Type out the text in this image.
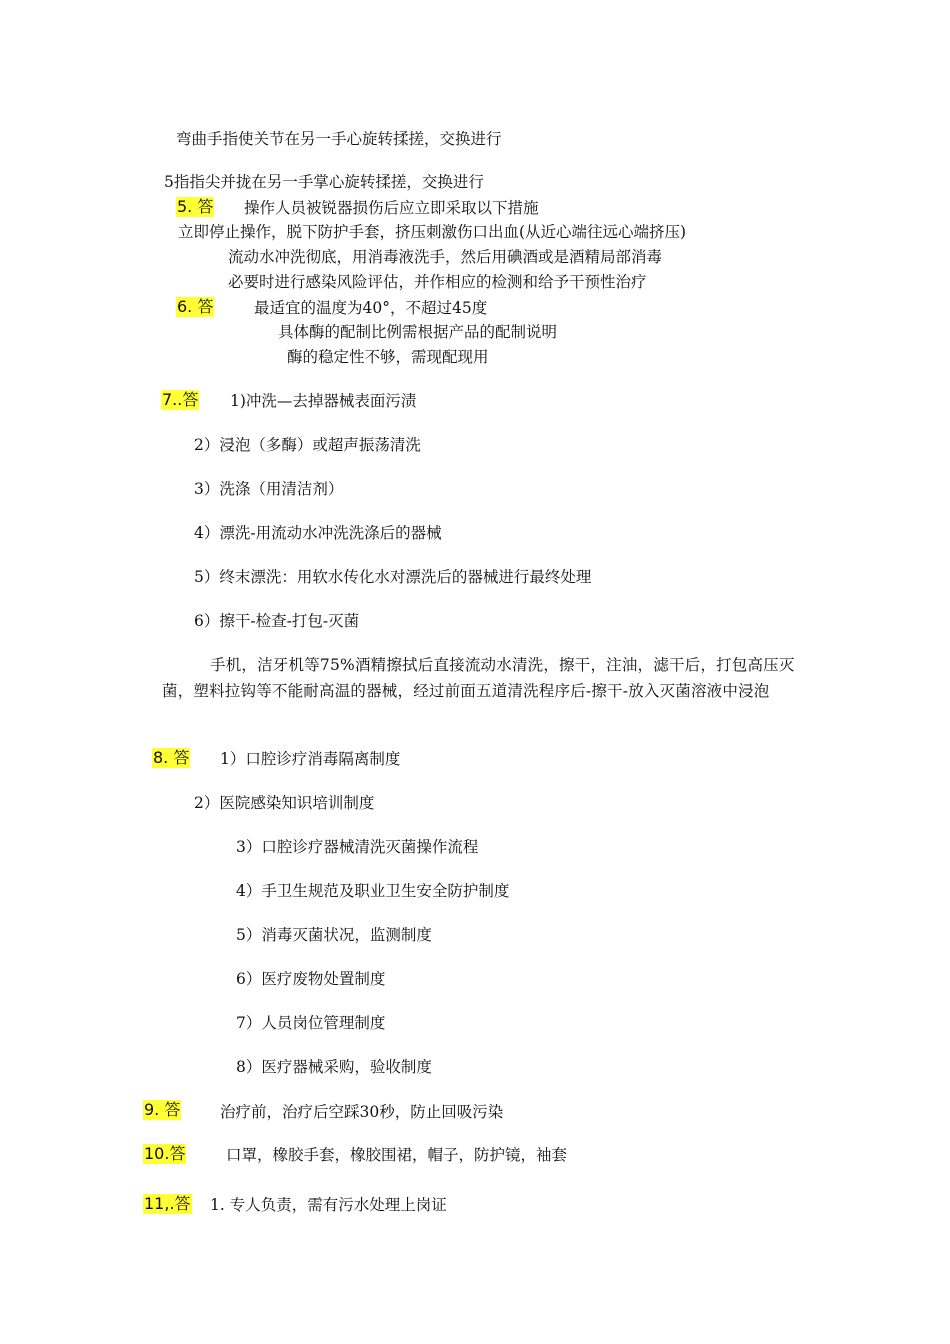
弯曲手指使关节在另一手心旋转揉搓，交换进行
5指指尖并拢在另一手掌心旋转揉搓，交换进行
5. 答 操作人员被锐器损伤后应立即采取以下措施
立即停止操作，脱下防护手套，挤压刺激伤口出血(从近心端往远心端挤压)
流动水冲洗彻底，用消毒液洗手，然后用碘酒或是酒精局部消毒
必要时进行感染风险评估，并作相应的检测和给予干预性治疗
6. 答	最适宜的温度为40°，不超过45度
具体酶的配制比例需根据产品的配制说明
酶的稳定性不够，需现配现用
7..答 1)冲洗—去掉器械表面污渍
2）浸泡（多酶）或超声振荡清洗
3）洗涤（用清洁剂）
4）漂洗-用流动水冲洗洗涤后的器械
5）终末漂洗：用软水传化水对漂洗后的器械进行最终处理
6）擦干-检查-打包-灭菌
手机，洁牙机等75%酒精擦拭后直接流动水清洗，擦干，注油，滤干后，打包高压灭菌，塑料拉钩等不能耐高温的器械，经过前面五道清洗程序后-擦干-放入灭菌溶液中浸泡
8. 答 1）口腔诊疗消毒隔离制度
2）医院感染知识培训制度
3）口腔诊疗器械清洗灭菌操作流程
4）手卫生规范及职业卫生安全防护制度
5）消毒灭菌状况，监测制度
6）医疗废物处置制度
7）人员岗位管理制度
8）医疗器械采购，验收制度
9. 答	治疗前，治疗后空踩30秒，防止回吸污染
10.答	口罩，橡胶手套，橡胶围裙，帽子，防护镜，袖套
11,.答 1. 专人负责，需有污水处理上岗证
